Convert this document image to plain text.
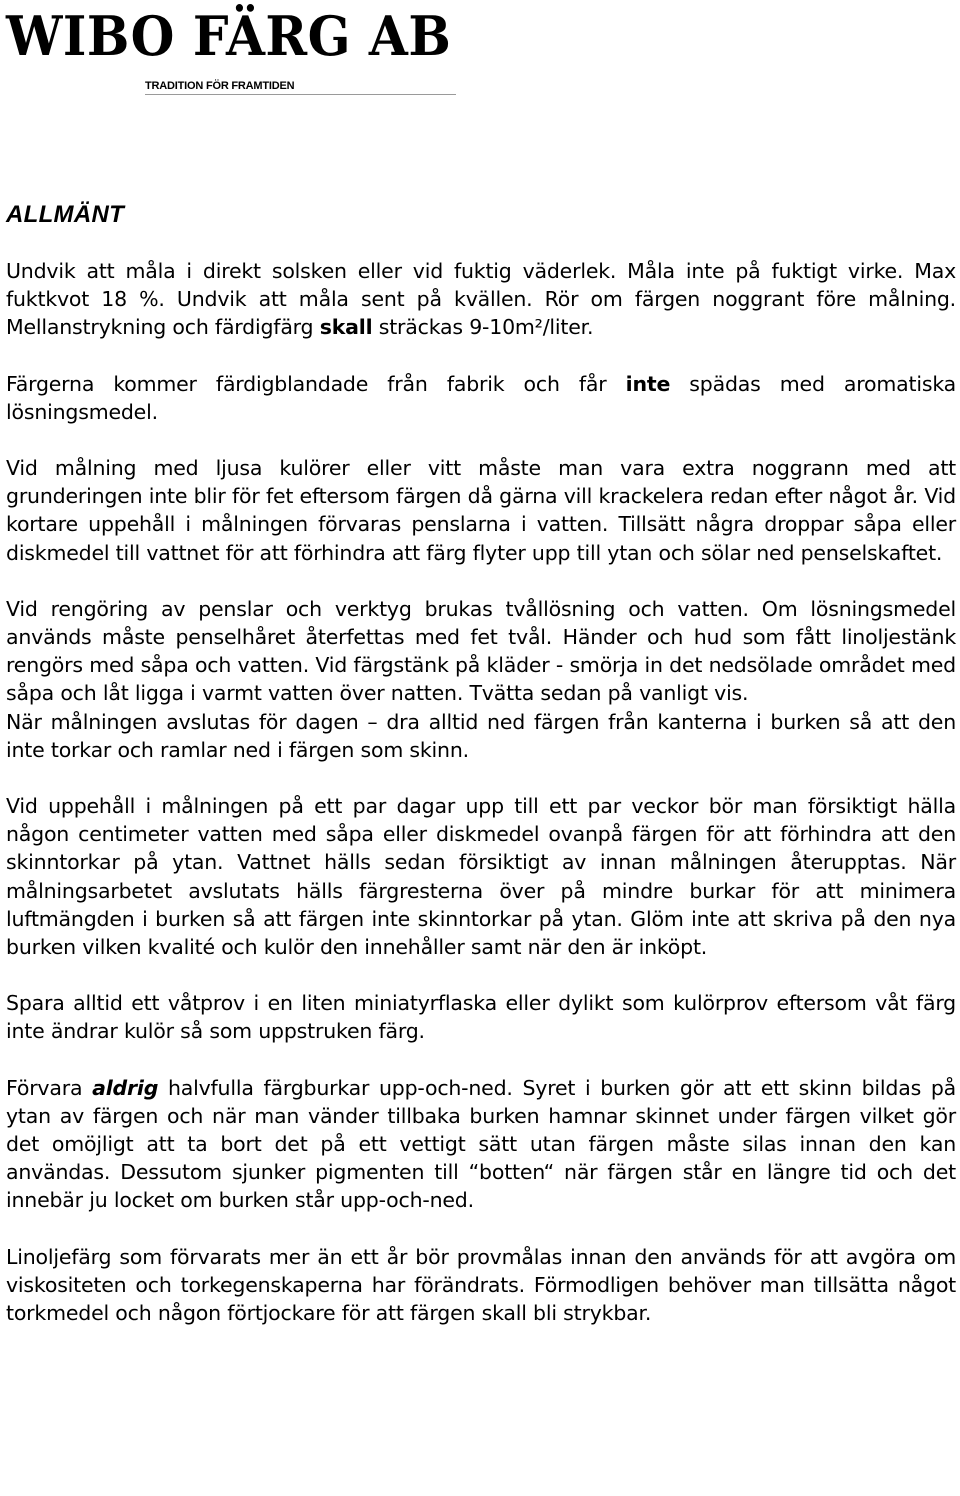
WIBO FÄRG AB
TRADITION FÖR FRAMTIDEN
ALLMÄNT

Undvik att måla i direkt solsken eller vid fuktig väderlek. Måla inte på fuktigt virke. Max fuktkvot 18 %. Undvik att måla sent på kvällen. Rör om färgen noggrant före målning. Mellanstrykning och färdigfärg skall sträckas 9-10m²/liter.

Färgerna kommer färdigblandade från fabrik och får inte spädas med aromatiska lösningsmedel.

Vid målning med ljusa kulörer eller vitt måste man vara extra noggrann med att grunderingen inte blir för fet eftersom färgen då gärna vill krackelera redan efter något år. Vid kortare uppehåll i målningen förvaras penslarna i vatten. Tillsätt några droppar såpa eller diskmedel till vattnet för att förhindra att färg flyter upp till ytan och sölar ned penselskaftet.

Vid rengöring av penslar och verktyg brukas tvållösning och vatten. Om lösningsmedel används måste penselhåret återfettas med fet tvål. Händer och hud som fått linoljestänk rengörs med såpa och vatten. Vid färgstänk på kläder - smörja in det nedsölade området med såpa och låt ligga i varmt vatten över natten. Tvätta sedan på vanligt vis.

När målningen avslutas för dagen – dra alltid ned färgen från kanterna i burken så att den inte torkar och ramlar ned i färgen som skinn.

Vid uppehåll i målningen på ett par dagar upp till ett par veckor bör man försiktigt hälla någon centimeter vatten med såpa eller diskmedel ovanpå färgen för att förhindra att den skinntorkar på ytan. Vattnet hälls sedan försiktigt av innan målningen återupptas. När målningsarbetet avslutats hälls färgresterna över på mindre burkar för att minimera luftmängden i burken så att färgen inte skinntorkar på ytan. Glöm inte att skriva på den nya burken vilken kvalité och kulör den innehåller samt när den är inköpt.

Spara alltid ett våtprov i en liten miniatyrflaska eller dylikt som kulörprov eftersom våt färg inte ändrar kulör så som uppstruken färg.

Förvara aldrig halvfulla färgburkar upp-och-ned. Syret i burken gör att ett skinn bildas på ytan av färgen och när man vänder tillbaka burken hamnar skinnet under färgen vilket gör det omöjligt att ta bort det på ett vettigt sätt utan färgen måste silas innan den kan användas. Dessutom sjunker pigmenten till “botten“ när färgen står en längre tid och det innebär ju locket om burken står upp-och-ned.

Linoljefärg som förvarats mer än ett år bör provmålas innan den används för att avgöra om viskositeten och torkegenskaperna har förändrats. Förmodligen behöver man tillsätta något torkmedel och någon förtjockare för att färgen skall bli strykbar.
